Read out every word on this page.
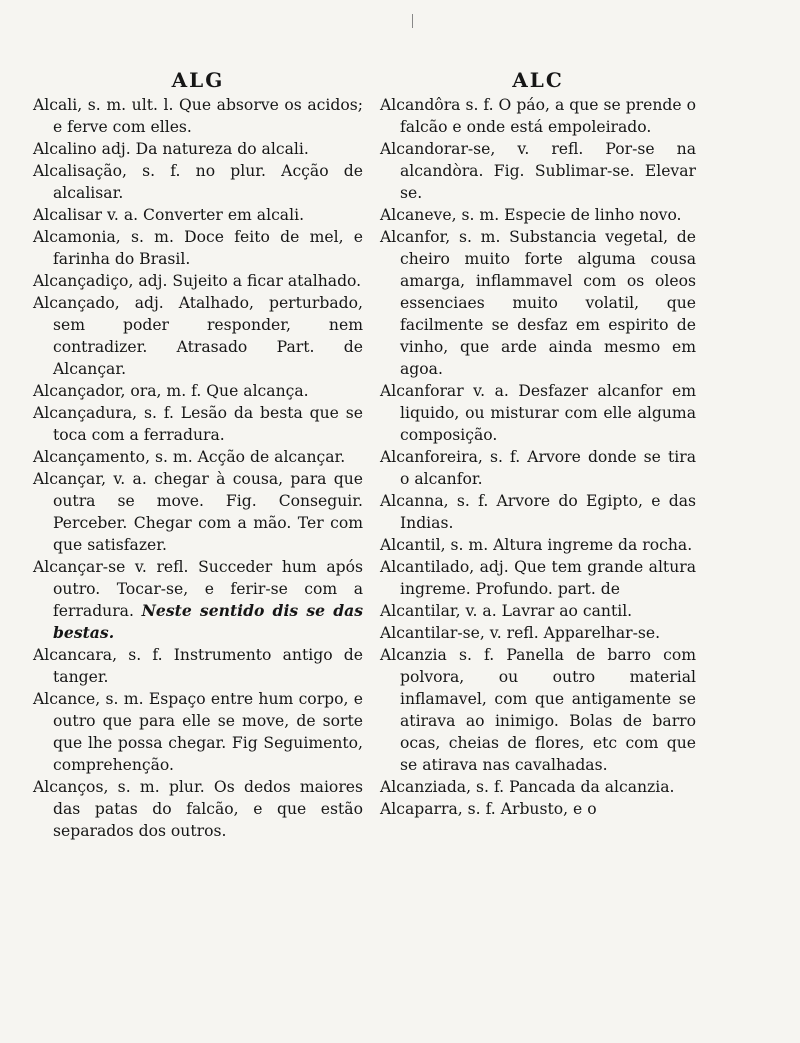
ALG

Alcali, s. m. ult. l. Que absorve os acidos; e ferve com elles.

Alcalino adj. Da natureza do alcali.

Alcalisação, s. f. no plur. Acção de alcalisar.

Alcalisar v. a. Converter em alcali.

Alcamonia, s. m. Doce feito de mel, e farinha do Brasil.

Alcançadiço, adj. Sujeito a ficar atalhado.

Alcançado, adj. Atalhado, perturbado, sem poder responder, nem contradizer. Atrasado Part. de Alcançar.

Alcançador, ora, m. f. Que alcança.

Alcançadura, s. f. Lesão da besta que se toca com a ferradura.

Alcançamento, s. m. Acção de alcançar.

Alcançar, v. a. chegar à cousa, para que outra se move. Fig. Conseguir. Perceber. Chegar com a mão. Ter com que satisfazer.

Alcançar-se v. refl. Succeder hum após outro. Tocar-se, e ferir-se com a ferradura. Neste sentido dis se das bestas.

Alcancara, s. f. Instrumento antigo de tanger.

Alcance, s. m. Espaço entre hum corpo, e outro que para elle se move, de sorte que lhe possa chegar. Fig Seguimento, comprehenção.

Alcanços, s. m. plur. Os dedos maiores das patas do falcão, e que estão separados dos outros.

ALC

Alcandôra s. f. O páo, a que se prende o falcão e onde está empoleirado.

Alcandorar-se, v. refl. Por-se na alcandòra. Fig. Sublimar-se. Elevar se.

Alcaneve, s. m. Especie de linho novo.

Alcanfor, s. m. Substancia vegetal, de cheiro muito forte alguma cousa amarga, inflammavel com os oleos essenciaes muito volatil, que facilmente se desfaz em espirito de vinho, que arde ainda mesmo em agoa.

Alcanforar v. a. Desfazer alcanfor em liquido, ou misturar com elle alguma composição.

Alcanforeira, s. f. Arvore donde se tira o alcanfor.

Alcanna, s. f. Arvore do Egipto, e das Indias.

Alcantil, s. m. Altura ingreme da rocha.

Alcantilado, adj. Que tem grande altura ingreme. Profundo. part. de

Alcantilar, v. a. Lavrar ao cantil.

Alcantilar-se, v. refl. Apparelhar-se.

Alcanzia s. f. Panella de barro com polvora, ou outro material inflamavel, com que antigamente se atirava ao inimigo. Bolas de barro ocas, cheias de flores, etc com que se atirava nas cavalhadas.

Alcanziada, s. f. Pancada da alcanzia.

Alcaparra, s. f. Arbusto, e o
